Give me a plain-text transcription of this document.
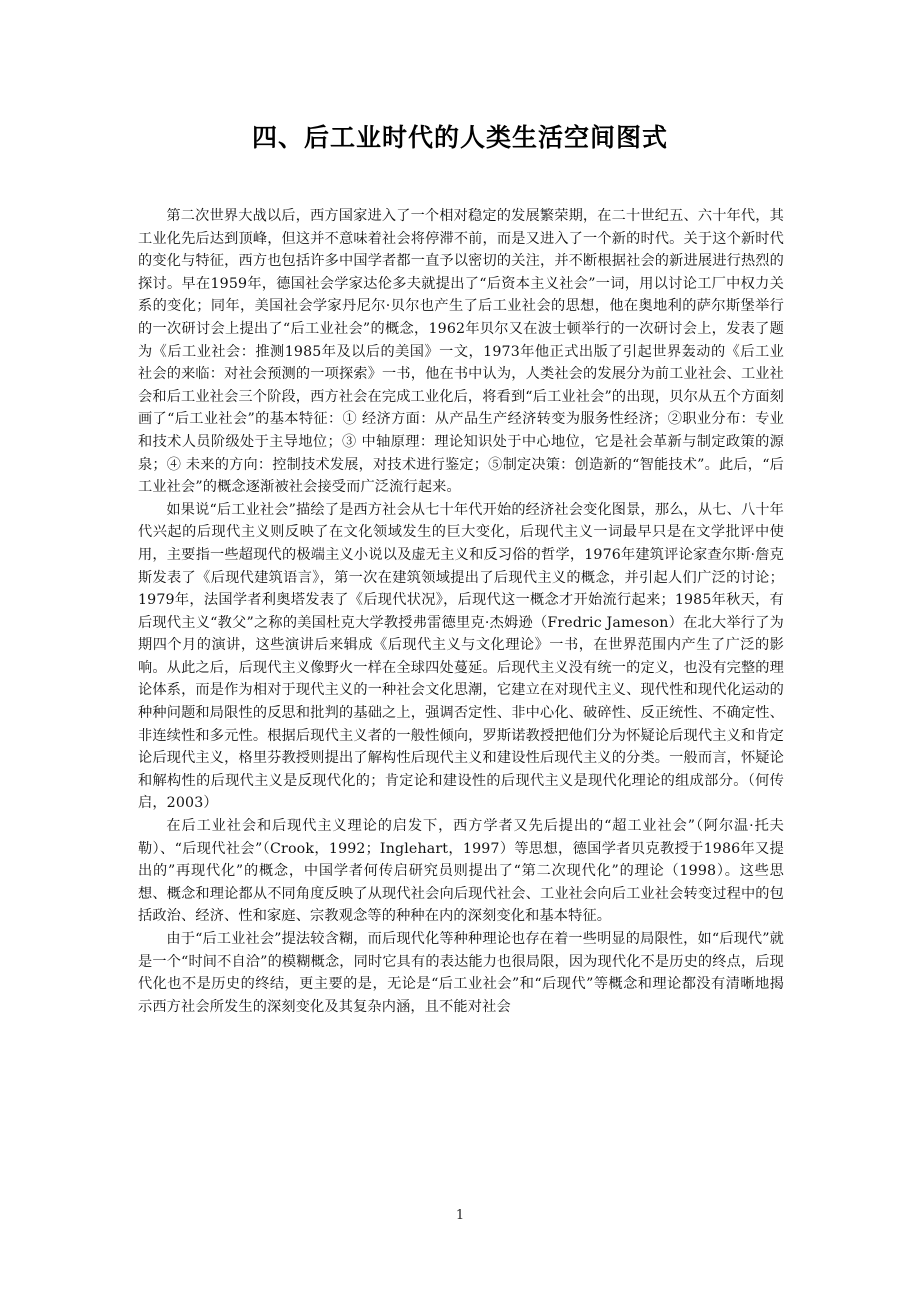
四、后工业时代的人类生活空间图式

第二次世界大战以后，西方国家进入了一个相对稳定的发展繁荣期，在二十世纪五、六十年代，其工业化先后达到顶峰，但这并不意味着社会将停滞不前，而是又进入了一个新的时代。关于这个新时代的变化与特征，西方也包括许多中国学者都一直予以密切的关注，并不断根据社会的新进展进行热烈的探讨。早在1959年，德国社会学家达伦多夫就提出了“后资本主义社会”一词，用以讨论工厂中权力关系的变化；同年，美国社会学家丹尼尔·贝尔也产生了后工业社会的思想，他在奥地利的萨尔斯堡举行的一次研讨会上提出了“后工业社会”的概念，1962年贝尔又在波士顿举行的一次研讨会上，发表了题为《后工业社会：推测1985年及以后的美国》一文，1973年他正式出版了引起世界轰动的《后工业社会的来临：对社会预测的一项探索》一书，他在书中认为，人类社会的发展分为前工业社会、工业社会和后工业社会三个阶段，西方社会在完成工业化后，将看到“后工业社会”的出现，贝尔从五个方面刻画了“后工业社会”的基本特征：① 经济方面：从产品生产经济转变为服务性经济；②职业分布：专业和技术人员阶级处于主导地位；③ 中轴原理：理论知识处于中心地位，它是社会革新与制定政策的源泉；④ 未来的方向：控制技术发展，对技术进行鉴定；⑤制定决策：创造新的“智能技术”。此后，“后工业社会”的概念逐渐被社会接受而广泛流行起来。

如果说“后工业社会”描绘了是西方社会从七十年代开始的经济社会变化图景，那么，从七、八十年代兴起的后现代主义则反映了在文化领域发生的巨大变化，后现代主义一词最早只是在文学批评中使用，主要指一些超现代的极端主义小说以及虚无主义和反习俗的哲学，1976年建筑评论家查尔斯·詹克斯发表了《后现代建筑语言》，第一次在建筑领域提出了后现代主义的概念，并引起人们广泛的讨论；1979年，法国学者利奥塔发表了《后现代状况》，后现代这一概念才开始流行起来；1985年秋天，有后现代主义“教父”之称的美国杜克大学教授弗雷德里克·杰姆逊（Fredric Jameson）在北大举行了为期四个月的演讲，这些演讲后来辑成《后现代主义与文化理论》一书，在世界范围内产生了广泛的影响。从此之后，后现代主义像野火一样在全球四处蔓延。后现代主义没有统一的定义，也没有完整的理论体系，而是作为相对于现代主义的一种社会文化思潮，它建立在对现代主义、现代性和现代化运动的种种问题和局限性的反思和批判的基础之上，强调否定性、非中心化、破碎性、反正统性、不确定性、非连续性和多元性。根据后现代主义者的一般性倾向，罗斯诺教授把他们分为怀疑论后现代主义和肯定论后现代主义，格里芬教授则提出了解构性后现代主义和建设性后现代主义的分类。一般而言，怀疑论和解构性的后现代主义是反现代化的；肯定论和建设性的后现代主义是现代化理论的组成部分。（何传启，2003）

在后工业社会和后现代主义理论的启发下，西方学者又先后提出的“超工业社会”（阿尔温·托夫勒）、“后现代社会”（Crook，1992；Inglehart，1997）等思想，德国学者贝克教授于1986年又提出的”再现代化”的概念，中国学者何传启研究员则提出了“第二次现代化”的理论（1998）。这些思想、概念和理论都从不同角度反映了从现代社会向后现代社会、工业社会向后工业社会转变过程中的包括政治、经济、性和家庭、宗教观念等的种种在内的深刻变化和基本特征。

由于“后工业社会”提法较含糊，而后现代化等种种理论也存在着一些明显的局限性，如“后现代”就是一个“时间不自洽”的模糊概念，同时它具有的表达能力也很局限，因为现代化不是历史的终点，后现代化也不是历史的终结，更主要的是，无论是“后工业社会”和“后现代”等概念和理论都没有清晰地揭示西方社会所发生的深刻变化及其复杂内涵，且不能对社会

1
